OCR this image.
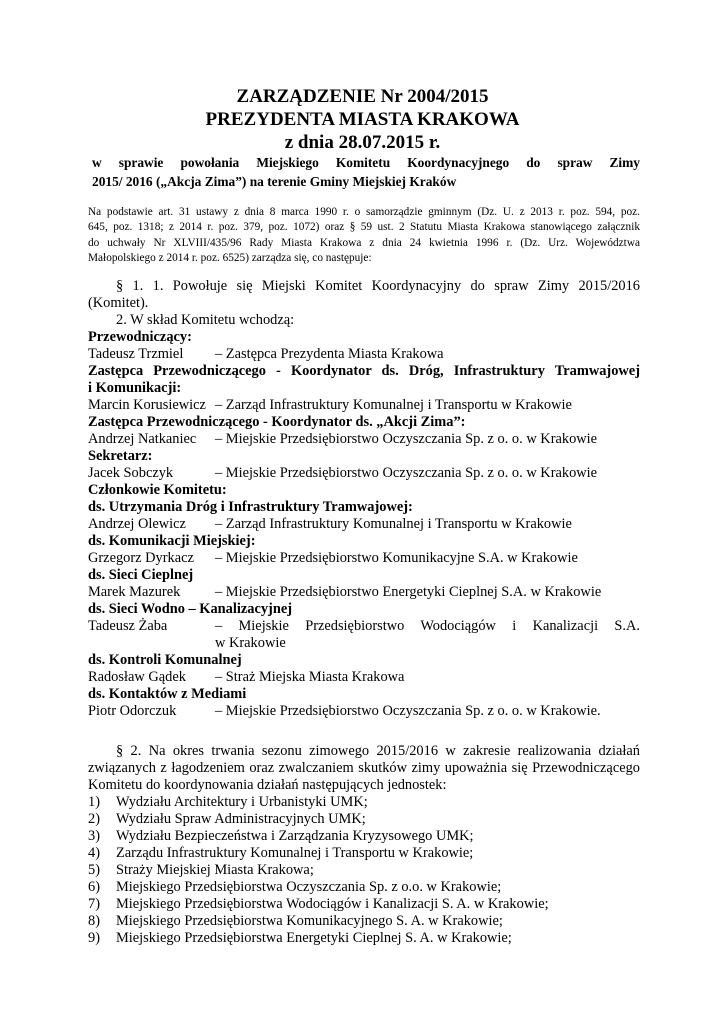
ZARZĄDZENIE Nr 2004/2015
PREZYDENTA MIASTA KRAKOWA
z dnia 28.07.2015 r.
w sprawie powołania Miejskiego Komitetu Koordynacyjnego do spraw Zimy
2015/ 2016 („Akcja Zima”) na terenie Gminy Miejskiej Kraków
Na podstawie art. 31 ustawy z dnia 8 marca 1990 r. o samorządzie gminnym (Dz. U. z 2013 r. poz. 594, poz.
645, poz. 1318; z 2014 r. poz. 379, poz. 1072) oraz § 59 ust. 2 Statutu Miasta Krakowa stanowiącego załącznik
do uchwały Nr XLVIII/435/96 Rady Miasta Krakowa z dnia 24 kwietnia 1996 r. (Dz. Urz. Województwa
Małopolskiego z 2014 r. poz. 6525) zarządza się, co następuje:
§ 1. 1. Powołuje się Miejski Komitet Koordynacyjny do spraw Zimy 2015/2016
(Komitet).
2. W skład Komitetu wchodzą:
Przewodniczący:
Tadeusz Trzmiel – Zastępca Prezydenta Miasta Krakowa
Zastępca Przewodniczącego - Koordynator ds. Dróg, Infrastruktury Tramwajowej
i Komunikacji:
Marcin Korusiewicz – Zarząd Infrastruktury Komunalnej i Transportu w Krakowie
Zastępca Przewodniczącego - Koordynator ds. „Akcji Zima”:
Andrzej Natkaniec – Miejskie Przedsiębiorstwo Oczyszczania Sp. z o. o. w Krakowie
Sekretarz:
Jacek Sobczyk	– Miejskie Przedsiębiorstwo Oczyszczania Sp. z o. o. w Krakowie
Członkowie Komitetu:
ds. Utrzymania Dróg i Infrastruktury Tramwajowej:
Andrzej Olewicz – Zarząd Infrastruktury Komunalnej i Transportu w Krakowie
ds. Komunikacji Miejskiej:
Grzegorz Dyrkacz – Miejskie Przedsiębiorstwo Komunikacyjne S.A. w Krakowie
ds. Sieci Cieplnej
Marek Mazurek – Miejskie Przedsiębiorstwo Energetyki Cieplnej S.A. w Krakowie
ds. Sieci Wodno – Kanalizacyjnej
Tadeusz Żaba	– Miejskie Przedsiębiorstwo Wodociągów i Kanalizacji S.A.
w Krakowie
ds. Kontroli Komunalnej
Radosław Gądek – Straż Miejska Miasta Krakowa
ds. Kontaktów z Mediami
Piotr Odorczuk	– Miejskie Przedsiębiorstwo Oczyszczania Sp. z o. o. w Krakowie.
§ 2. Na okres trwania sezonu zimowego 2015/2016 w zakresie realizowania działań
związanych z łagodzeniem oraz zwalczaniem skutków zimy upoważnia się Przewodniczącego
Komitetu do koordynowania działań następujących jednostek:
1) Wydziału Architektury i Urbanistyki UMK;
2) Wydziału Spraw Administracyjnych UMK;
3) Wydziału Bezpieczeństwa i Zarządzania Kryzysowego UMK;
4) Zarządu Infrastruktury Komunalnej i Transportu w Krakowie;
5) Straży Miejskiej Miasta Krakowa;
6) Miejskiego Przedsiębiorstwa Oczyszczania Sp. z o.o. w Krakowie;
7) Miejskiego Przedsiębiorstwa Wodociągów i Kanalizacji S. A. w Krakowie;
8) Miejskiego Przedsiębiorstwa Komunikacyjnego S. A. w Krakowie;
9) Miejskiego Przedsiębiorstwa Energetyki Cieplnej S. A. w Krakowie;
